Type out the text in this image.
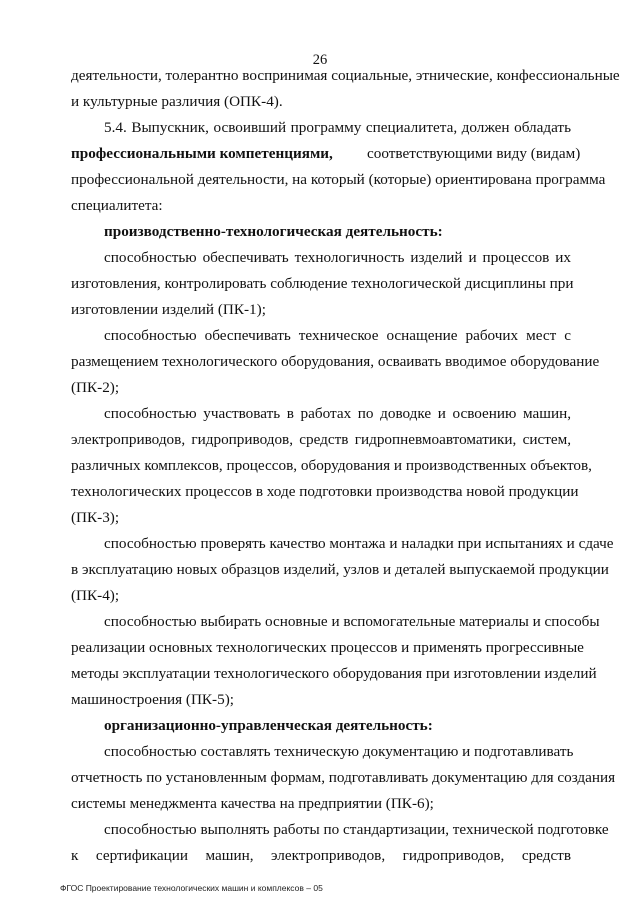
26
деятельности, толерантно воспринимая социальные, этнические, конфессиональные
и культурные различия (ОПК-4).
5.4. Выпускник, освоивший программу специалитета, должен обладать
профессиональными компетенциями, соответствующими виду (видам)
профессиональной деятельности, на который (которые) ориентирована программа
специалитета:
производственно-технологическая деятельность:
способностью обеспечивать технологичность изделий и процессов их
изготовления, контролировать соблюдение технологической дисциплины при
изготовлении изделий (ПК-1);
способностью обеспечивать техническое оснащение рабочих мест с
размещением технологического оборудования, осваивать вводимое оборудование
(ПК-2);
способностью участвовать в работах по доводке и освоению машин,
электроприводов, гидроприводов, средств гидропневмоавтоматики, систем,
различных комплексов, процессов, оборудования и производственных объектов,
технологических процессов в ходе подготовки производства новой продукции
(ПК-3);
способностью проверять качество монтажа и наладки при испытаниях и сдаче
в эксплуатацию новых образцов изделий, узлов и деталей выпускаемой продукции
(ПК-4);
способностью выбирать основные и вспомогательные материалы и способы
реализации основных технологических процессов и применять прогрессивные
методы эксплуатации технологического оборудования при изготовлении изделий
машиностроения (ПК-5);
организационно-управленческая деятельность:
способностью составлять техническую документацию и подготавливать
отчетность по установленным формам, подготавливать документацию для создания
ФГОС Проектирование технологических машин и комплексов – 05
системы менеджмента качества на предприятии (ПК-6);
способностью выполнять работы по стандартизации, технической подготовке
к сертификации машин, электроприводов, гидроприводов, средств
